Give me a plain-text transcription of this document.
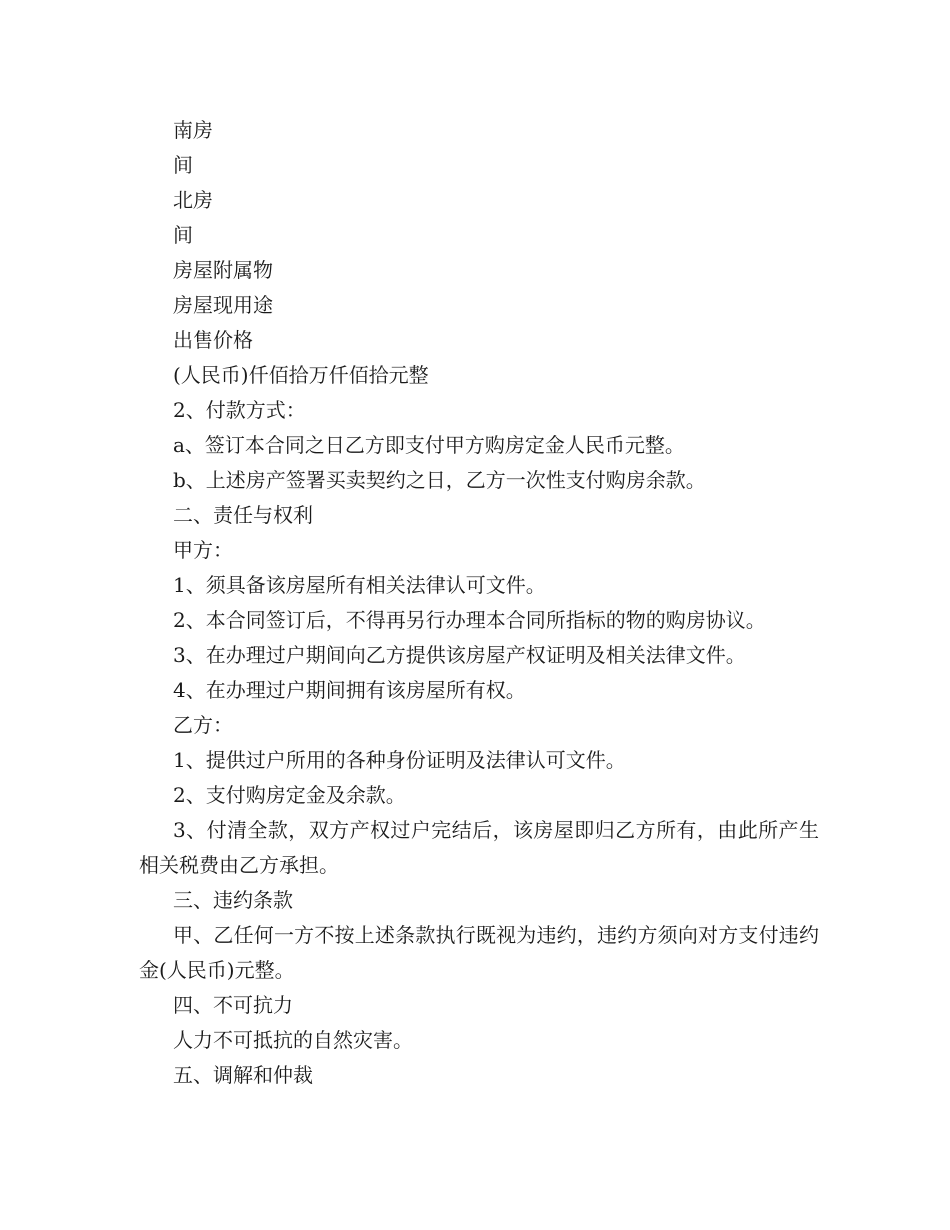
南房

间

北房

间

房屋附属物

房屋现用途

出售价格

(人民币)仟佰拾万仟佰拾元整

2、付款方式：

a、签订本合同之日乙方即支付甲方购房定金人民币元整。

b、上述房产签署买卖契约之日，乙方一次性支付购房余款。

二、责任与权利

甲方：

1、须具备该房屋所有相关法律认可文件。

2、本合同签订后，不得再另行办理本合同所指标的物的购房协议。

3、在办理过户期间向乙方提供该房屋产权证明及相关法律文件。

4、在办理过户期间拥有该房屋所有权。

乙方：

1、提供过户所用的各种身份证明及法律认可文件。

2、支付购房定金及余款。

3、付清全款，双方产权过户完结后，该房屋即归乙方所有，由此所产生相关税费由乙方承担。

三、违约条款

甲、乙任何一方不按上述条款执行既视为违约，违约方须向对方支付违约金(人民币)元整。

四、不可抗力

人力不可抵抗的自然灾害。

五、调解和仲裁
